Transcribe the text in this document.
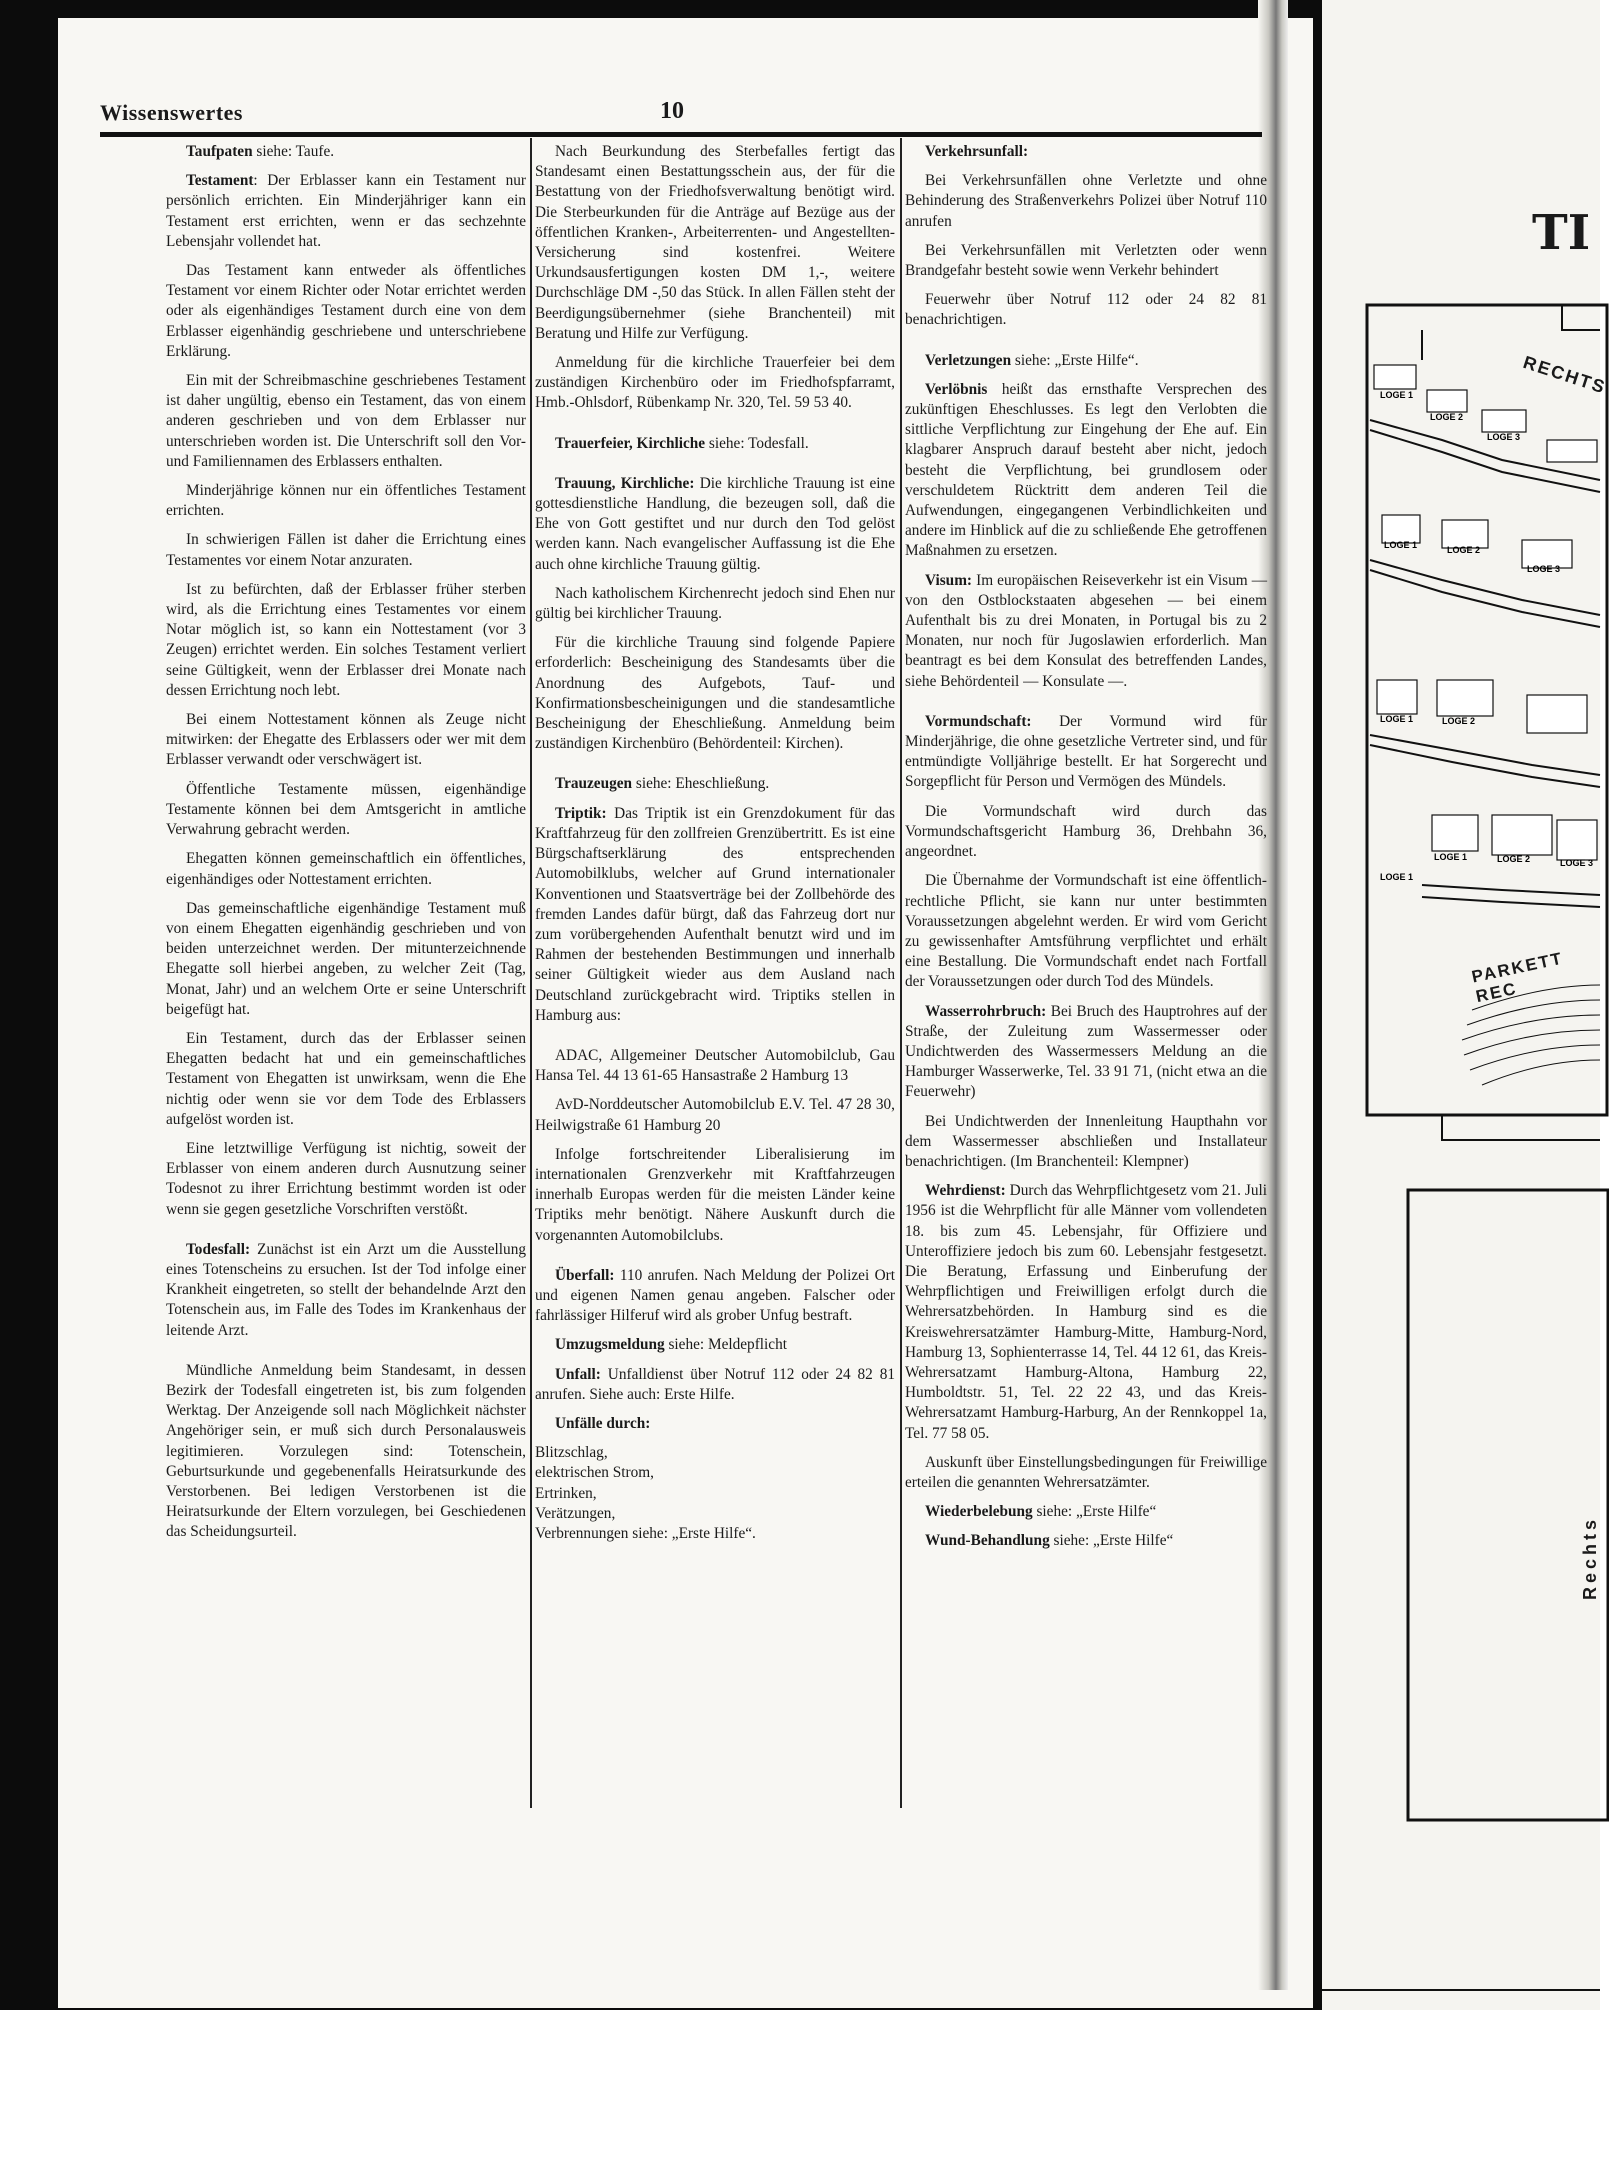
LOGE 1
LOGE 2
LOGE 3
LOGE 1	LOGE 2
LOGE 3
LOGE 1	LOGE 2
LOGE 1	LOGE 2	LOGE 3
LOGE 1
TI
RECHTS
PARKETT REC
Rechts
Wissenswertes	10

Taufpaten siehe: Taufe.

Testament: Der Erblasser kann ein Testament nur persönlich errichten. Ein Minderjähriger kann ein Testament erst errichten, wenn er das sechzehnte Lebensjahr vollendet hat.

Das Testament kann entweder als öffentliches Testament vor einem Richter oder Notar errichtet werden oder als eigenhändiges Testament durch eine von dem Erblasser eigenhändig geschriebene und unterschriebene Erklärung.

Ein mit der Schreibmaschine geschriebenes Testament ist daher ungültig, ebenso ein Testament, das von einem anderen geschrieben und von dem Erblasser nur unterschrieben worden ist. Die Unterschrift soll den Vor- und Familiennamen des Erblassers enthalten.

Minderjährige können nur ein öffentliches Testament errichten.

In schwierigen Fällen ist daher die Errichtung eines Testamentes vor einem Notar anzuraten.

Ist zu befürchten, daß der Erblasser früher sterben wird, als die Errichtung eines Testamentes vor einem Notar möglich ist, so kann ein Nottestament (vor 3 Zeugen) errichtet werden. Ein solches Testament verliert seine Gültigkeit, wenn der Erblasser drei Monate nach dessen Errichtung noch lebt.

Bei einem Nottestament können als Zeuge nicht mitwirken: der Ehegatte des Erblassers oder wer mit dem Erblasser verwandt oder verschwägert ist.

Öffentliche Testamente müssen, eigenhändige Testamente können bei dem Amtsgericht in amtliche Verwahrung gebracht werden.

Ehegatten können gemeinschaftlich ein öffentliches, eigenhändiges oder Nottestament errichten.

Das gemeinschaftliche eigenhändige Testament muß von einem Ehegatten eigenhändig geschrieben und von beiden unterzeichnet werden. Der mitunterzeichnende Ehegatte soll hierbei angeben, zu welcher Zeit (Tag, Monat, Jahr) und an welchem Orte er seine Unterschrift beigefügt hat.

Ein Testament, durch das der Erblasser seinen Ehegatten bedacht hat und ein gemeinschaftliches Testament von Ehegatten ist unwirksam, wenn die Ehe nichtig oder wenn sie vor dem Tode des Erblassers aufgelöst worden ist.

Eine letztwillige Verfügung ist nichtig, soweit der Erblasser von einem anderen durch Ausnutzung seiner Todesnot zu ihrer Errichtung bestimmt worden ist oder wenn sie gegen gesetzliche Vorschriften verstößt.

Todesfall: Zunächst ist ein Arzt um die Ausstellung eines Totenscheins zu ersuchen. Ist der Tod infolge einer Krankheit eingetreten, so stellt der behandelnde Arzt den Totenschein aus, im Falle des Todes im Krankenhaus der leitende Arzt.

Mündliche Anmeldung beim Standesamt, in dessen Bezirk der Todesfall eingetreten ist, bis zum folgenden Werktag. Der Anzeigende soll nach Möglichkeit nächster Angehöriger sein, er muß sich durch Personalausweis legitimieren. Vorzulegen sind: Totenschein, Geburtsurkunde und gegebenenfalls Heiratsurkunde des Verstorbenen. Bei ledigen Verstorbenen ist die Heiratsurkunde der Eltern vorzulegen, bei Geschiedenen das Scheidungsurteil.

Nach Beurkundung des Sterbefalles fertigt das Standesamt einen Bestattungsschein aus, der für die Bestattung von der Friedhofsverwaltung benötigt wird. Die Sterbeurkunden für die Anträge auf Bezüge aus der öffentlichen Kranken-, Arbeiterrenten- und Angestellten-Versicherung sind kostenfrei. Weitere Urkundsausfertigungen kosten DM 1,-, weitere Durchschläge DM -,50 das Stück. In allen Fällen steht der Beerdigungsübernehmer (siehe Branchenteil) mit Beratung und Hilfe zur Verfügung.

Anmeldung für die kirchliche Trauerfeier bei dem zuständigen Kirchenbüro oder im Friedhofspfarramt, Hmb.-Ohlsdorf, Rübenkamp Nr. 320, Tel. 59 53 40.

Trauerfeier, Kirchliche siehe: Todesfall.

Trauung, Kirchliche: Die kirchliche Trauung ist eine gottesdienstliche Handlung, die bezeugen soll, daß die Ehe von Gott gestiftet und nur durch den Tod gelöst werden kann. Nach evangelischer Auffassung ist die Ehe auch ohne kirchliche Trauung gültig.

Nach katholischem Kirchenrecht jedoch sind Ehen nur gültig bei kirchlicher Trauung.

Für die kirchliche Trauung sind folgende Papiere erforderlich: Bescheinigung des Standesamts über die Anordnung des Aufgebots, Tauf- und Konfirmationsbescheinigungen und die standesamtliche Bescheinigung der Eheschließung. Anmeldung beim zuständigen Kirchenbüro (Behördenteil: Kirchen).

Trauzeugen siehe: Eheschließung.

Triptik: Das Triptik ist ein Grenzdokument für das Kraftfahrzeug für den zollfreien Grenzübertritt. Es ist eine Bürgschaftserklärung des entsprechenden Automobilklubs, welcher auf Grund internationaler Konventionen und Staatsverträge bei der Zollbehörde des fremden Landes dafür bürgt, daß das Fahrzeug dort nur zum vorübergehenden Aufenthalt benutzt wird und im Rahmen der bestehenden Bestimmungen und innerhalb seiner Gültigkeit wieder aus dem Ausland nach Deutschland zurückgebracht wird. Triptiks stellen in Hamburg aus:

ADAC, Allgemeiner Deutscher Automobilclub, Gau Hansa Tel. 44 13 61-65 Hansastraße 2 Hamburg 13

AvD-Norddeutscher Automobilclub E.V. Tel. 47 28 30, Heilwigstraße 61 Hamburg 20

Infolge fortschreitender Liberalisierung im internationalen Grenzverkehr mit Kraftfahrzeugen innerhalb Europas werden für die meisten Länder keine Triptiks mehr benötigt. Nähere Auskunft durch die vorgenannten Automobilclubs.

Überfall: 110 anrufen. Nach Meldung der Polizei Ort und eigenen Namen genau angeben. Falscher oder fahrlässiger Hilferuf wird als grober Unfug bestraft.

Umzugsmeldung siehe: Meldepflicht

Unfall: Unfalldienst über Notruf 112 oder 24 82 81 anrufen. Siehe auch: Erste Hilfe.

Unfälle durch:

Blitzschlag,
elektrischen Strom,
Ertrinken,
Verätzungen,
Verbrennungen siehe: „Erste Hilfe“.

Verkehrsunfall:

Bei Verkehrsunfällen ohne Verletzte und ohne Behinderung des Straßenverkehrs Polizei über Notruf 110 anrufen

Bei Verkehrsunfällen mit Verletzten oder wenn Brandgefahr besteht sowie wenn Verkehr behindert

Feuerwehr über Notruf 112 oder 24 82 81 benachrichtigen.

Verletzungen siehe: „Erste Hilfe“.

Verlöbnis heißt das ernsthafte Versprechen des zukünftigen Eheschlusses. Es legt den Verlobten die sittliche Verpflichtung zur Eingehung der Ehe auf. Ein klagbarer Anspruch darauf besteht aber nicht, jedoch besteht die Verpflichtung, bei grundlosem oder verschuldetem Rücktritt dem anderen Teil die Aufwendungen, eingegangenen Verbindlichkeiten und andere im Hinblick auf die zu schließende Ehe getroffenen Maßnahmen zu ersetzen.

Visum: Im europäischen Reiseverkehr ist ein Visum — von den Ostblockstaaten abgesehen — bei einem Aufenthalt bis zu drei Monaten, in Portugal bis zu 2 Monaten, nur noch für Jugoslawien erforderlich. Man beantragt es bei dem Konsulat des betreffenden Landes, siehe Behördenteil — Konsulate —.

Vormundschaft: Der Vormund wird für Minderjährige, die ohne gesetzliche Vertreter sind, und für entmündigte Volljährige bestellt. Er hat Sorgerecht und Sorgepflicht für Person und Vermögen des Mündels.

Die Vormundschaft wird durch das Vormundschaftsgericht Hamburg 36, Drehbahn 36, angeordnet.

Die Übernahme der Vormundschaft ist eine öffentlich-rechtliche Pflicht, sie kann nur unter bestimmten Voraussetzungen abgelehnt werden. Er wird vom Gericht zu gewissenhafter Amtsführung verpflichtet und erhält eine Bestallung. Die Vormundschaft endet nach Fortfall der Voraussetzungen oder durch Tod des Mündels.

Wasserrohrbruch: Bei Bruch des Hauptrohres auf der Straße, der Zuleitung zum Wassermesser oder Undichtwerden des Wassermessers Meldung an die Hamburger Wasserwerke, Tel. 33 91 71, (nicht etwa an die Feuerwehr)

Bei Undichtwerden der Innenleitung Haupthahn vor dem Wassermesser abschließen und Installateur benachrichtigen. (Im Branchenteil: Klempner)

Wehrdienst: Durch das Wehrpflichtgesetz vom 21. Juli 1956 ist die Wehrpflicht für alle Männer vom vollendeten 18. bis zum 45. Lebensjahr, für Offiziere und Unteroffiziere jedoch bis zum 60. Lebensjahr festgesetzt. Die Beratung, Erfassung und Einberufung der Wehrpflichtigen und Freiwilligen erfolgt durch die Wehrersatzbehörden. In Hamburg sind es die Kreiswehrersatzämter Hamburg-Mitte, Hamburg-Nord, Hamburg 13, Sophienterrasse 14, Tel. 44 12 61, das Kreis-Wehrersatzamt Hamburg-Altona, Hamburg 22, Humboldtstr. 51, Tel. 22 22 43, und das Kreis-Wehrersatzamt Hamburg-Harburg, An der Rennkoppel 1a, Tel. 77 58 05.

Auskunft über Einstellungsbedingungen für Freiwillige erteilen die genannten Wehrersatzämter.

Wiederbelebung siehe: „Erste Hilfe“

Wund-Behandlung siehe: „Erste Hilfe“
